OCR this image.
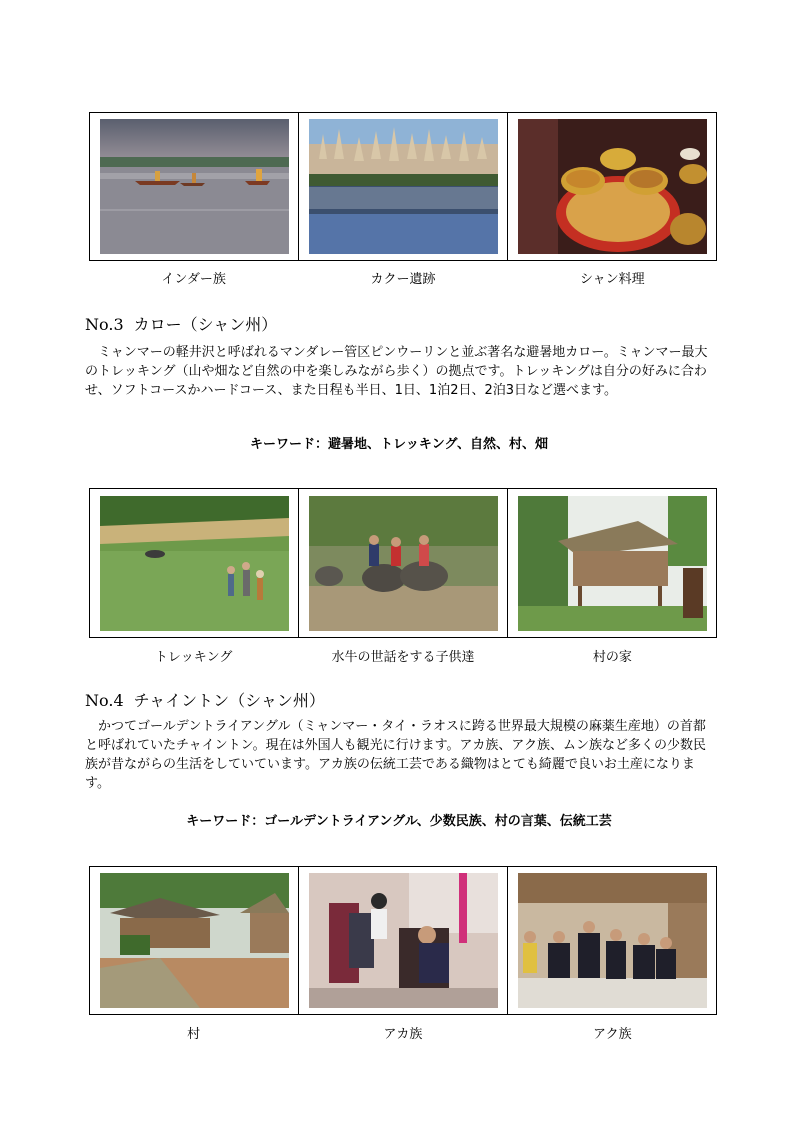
インダー族	カクー遺跡	シャン料理
No.3 カロー（シャン州）

ミャンマーの軽井沢と呼ばれるマンダレー管区ピンウーリンと並ぶ著名な避暑地カロー。ミャンマー最大のトレッキング（山や畑など自然の中を楽しみながら歩く）の拠点です。トレッキングは自分の好みに合わせ、ソフトコースかハードコース、また日程も半日、1日、1泊2日、2泊3日など選べます。

キーワード：避暑地、トレッキング、自然、村、畑
トレッキング	水牛の世話をする子供達	村の家
No.4 チャイントン（シャン州）

かつてゴールデントライアングル（ミャンマー・タイ・ラオスに跨る世界最大規模の麻薬生産地）の首都と呼ばれていたチャイントン。現在は外国人も観光に行けます。アカ族、アク族、ムン族など多くの少数民族が昔ながらの生活をしていています。アカ族の伝統工芸である織物はとても綺麗で良いお土産になります。

キーワード：ゴールデントライアングル、少数民族、村の言葉、伝統工芸
村	アカ族	アク族
